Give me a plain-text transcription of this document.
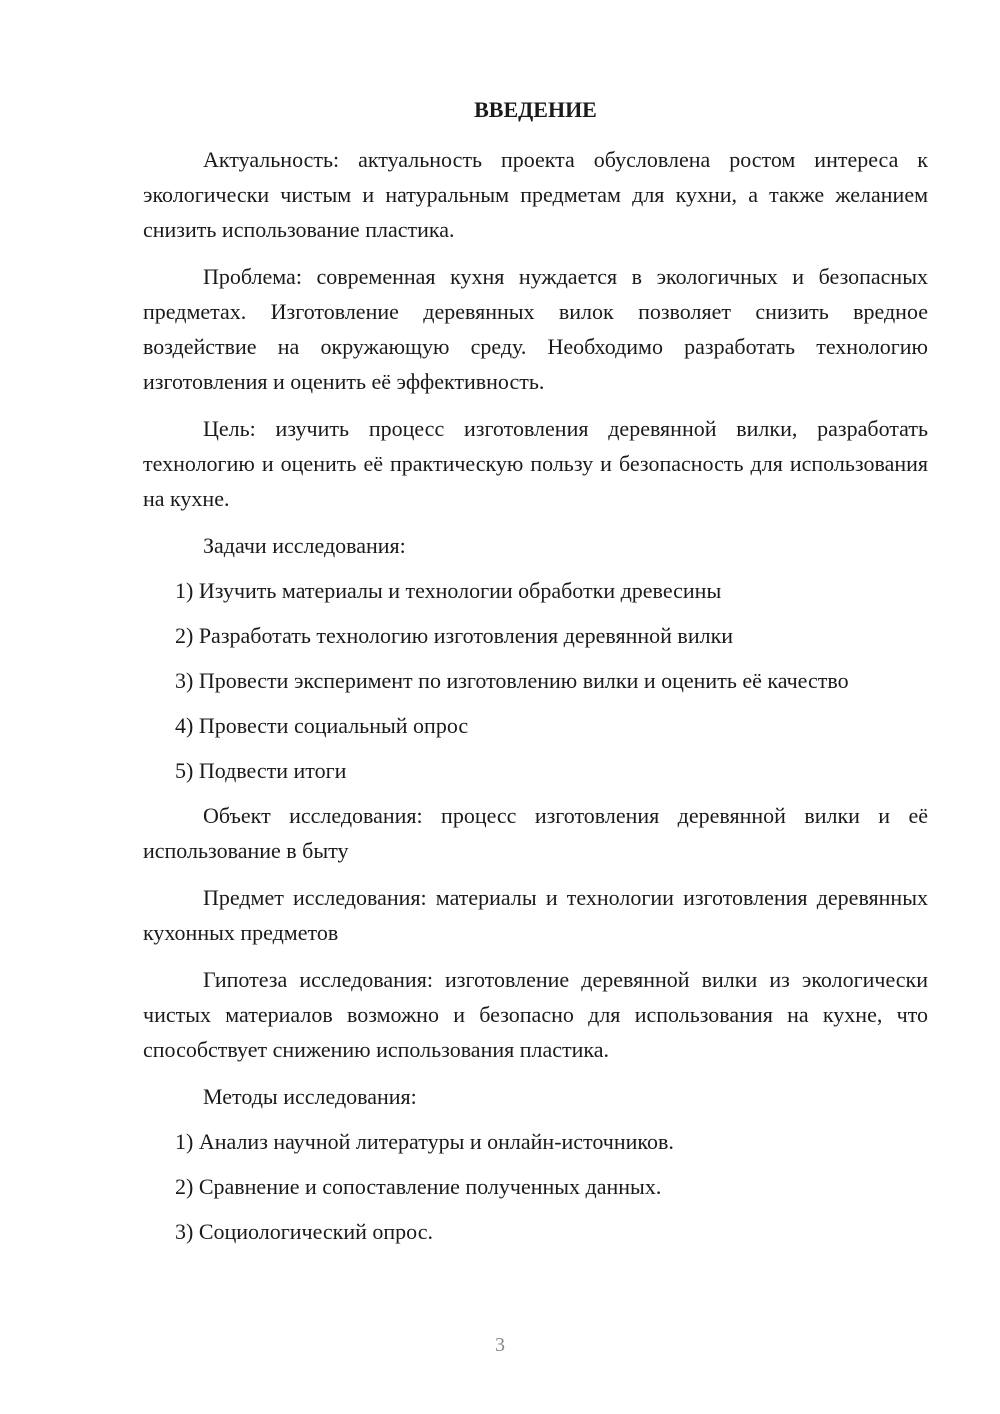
ВВЕДЕНИЕ

Актуальность: актуальность проекта обусловлена ростом интереса к экологически чистым и натуральным предметам для кухни, а также желанием снизить использование пластика.

Проблема: современная кухня нуждается в экологичных и безопасных предметах. Изготовление деревянных вилок позволяет снизить вредное воздействие на окружающую среду. Необходимо разработать технологию изготовления и оценить её эффективность.

Цель: изучить процесс изготовления деревянной вилки, разработать технологию и оценить её практическую пользу и безопасность для использования на кухне.

Задачи исследования:

1) Изучить материалы и технологии обработки древесины

2) Разработать технологию изготовления деревянной вилки

3) Провести эксперимент по изготовлению вилки и оценить её качество

4) Провести социальный опрос

5) Подвести итоги

Объект исследования: процесс изготовления деревянной вилки и её использование в быту

Предмет исследования: материалы и технологии изготовления деревянных кухонных предметов

Гипотеза исследования: изготовление деревянной вилки из экологически чистых материалов возможно и безопасно для использования на кухне, что способствует снижению использования пластика.

Методы исследования:

1) Анализ научной литературы и онлайн-источников.

2) Сравнение и сопоставление полученных данных.

3) Социологический опрос.

3
